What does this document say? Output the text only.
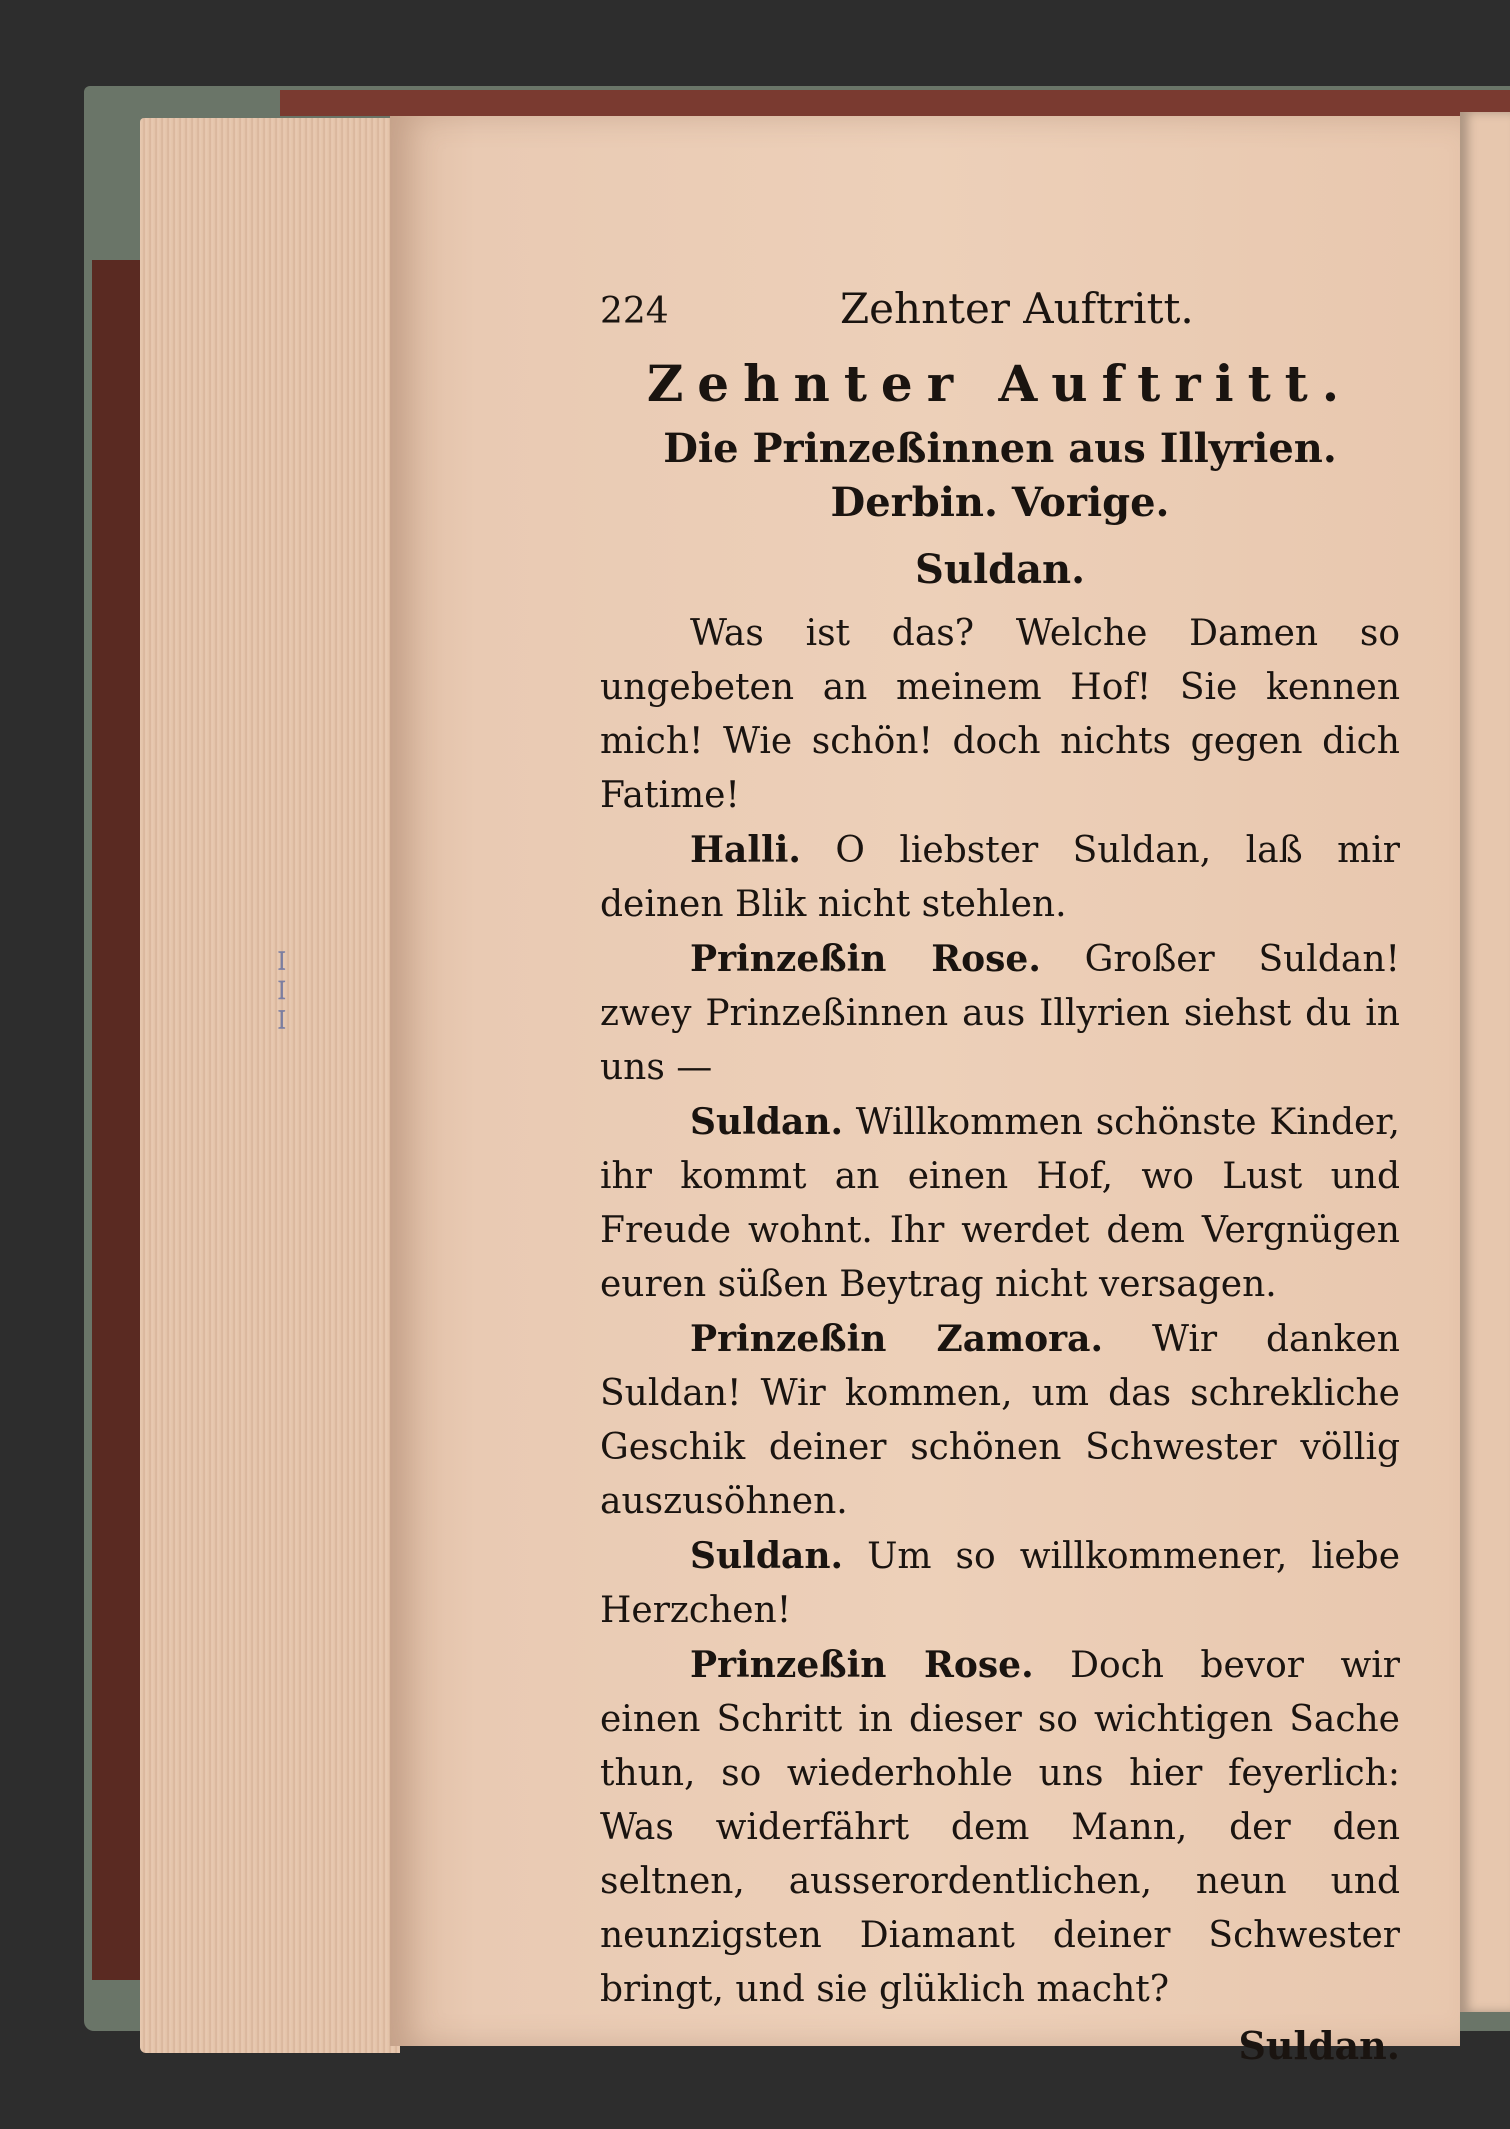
ꟷ ꟷ ꟷ
224	Zehnter Auftritt.
Zehnter Auftritt.
Die Prinzeßinnen aus Illyrien.
Derbin. Vorige.
Suldan.

Was ist das? Welche Damen so ungebeten an meinem Hof! Sie kennen mich! Wie schön! doch nichts gegen dich Fatime!

Halli. O liebster Suldan, laß mir deinen Blik nicht stehlen.

Prinzeßin Rose. Großer Suldan! zwey Prinzeßinnen aus Illyrien siehst du in uns —

Suldan. Willkommen schönste Kinder, ihr kommt an einen Hof, wo Lust und Freude wohnt. Ihr werdet dem Vergnügen euren süßen Beytrag nicht versagen.

Prinzeßin Zamora. Wir danken Suldan! Wir kommen, um das schrekliche Geschik deiner schönen Schwester völlig auszusöhnen.

Suldan. Um so willkommener, liebe Herzchen!

Prinzeßin Rose. Doch bevor wir einen Schritt in dieser so wichtigen Sache thun, so wiederhohle uns hier feyerlich: Was widerfährt dem Mann, der den seltnen, ausserordentlichen, neun und neunzigsten Diamant deiner Schwester bringt, und sie glüklich macht?

Suldan.
